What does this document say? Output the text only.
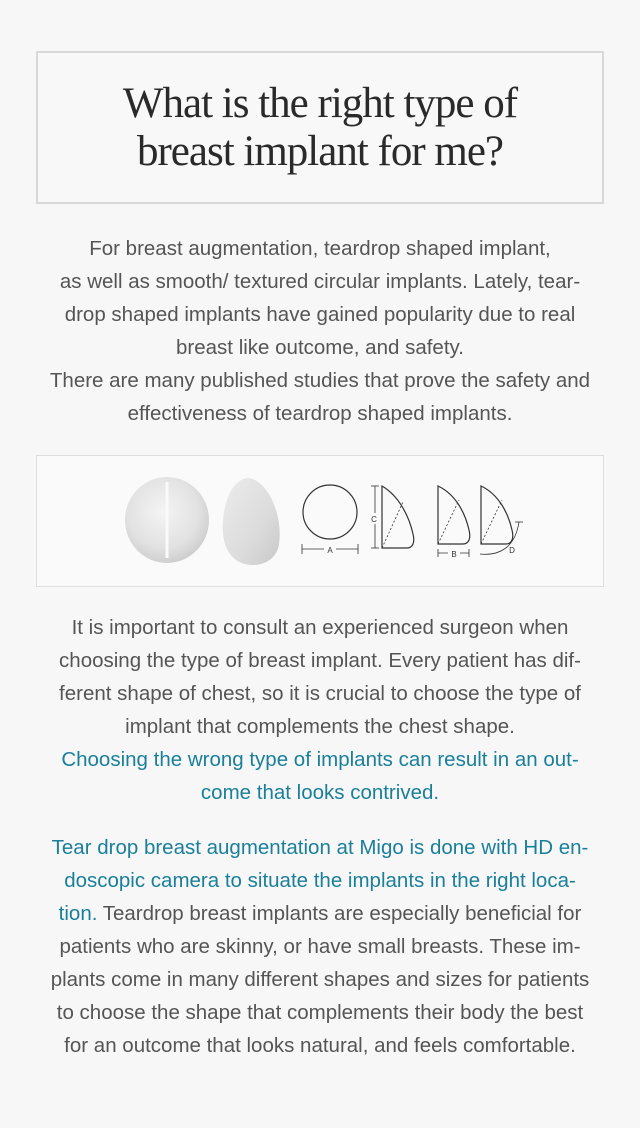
What is the right type of
breast implant for me?
For breast augmentation, teardrop shaped implant,
as well as smooth/ textured circular implants. Lately, tear-
drop shaped implants have gained popularity due to real
breast like outcome, and safety.
There are many published studies that prove the safety and
effectiveness of teardrop shaped implants.
A
C
B	D
It is important to consult an experienced surgeon when
choosing the type of breast implant. Every patient has dif-
ferent shape of chest, so it is crucial to choose the type of
implant that complements the chest shape.
Choosing the wrong type of implants can result in an out-
come that looks contrived.
Tear drop breast augmentation at Migo is done with HD en-
doscopic camera to situate the implants in the right loca-
tion. Teardrop breast implants are especially beneficial for
patients who are skinny, or have small breasts. These im-
plants come in many different shapes and sizes for patients
to choose the shape that complements their body the best
for an outcome that looks natural, and feels comfortable.
